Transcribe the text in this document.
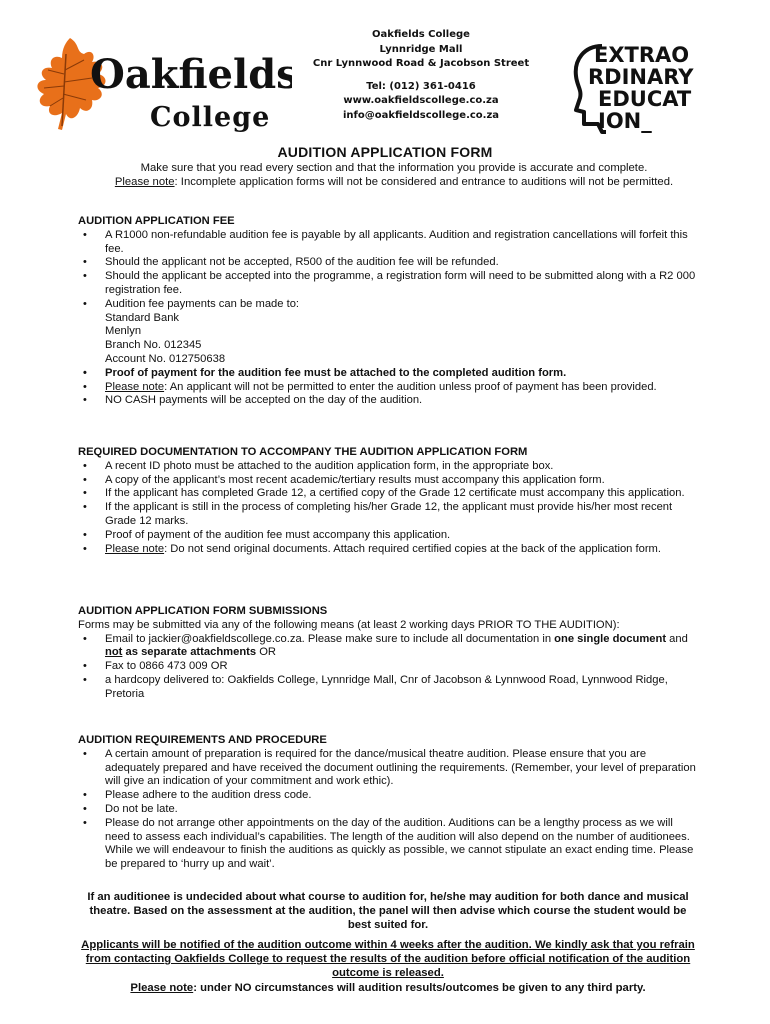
Oakfields
College
Oakfields College
Lynnridge Mall
Cnr Lynnwood Road & Jacobson Street
Tel: (012) 361-0416
www.oakfieldscollege.co.za
info@oakfieldscollege.co.za
EXTRAO
RDINARY
EDUCAT
ION_
AUDITION APPLICATION FORM
Make sure that you read every section and that the information you provide is accurate and complete.
Please note: Incomplete application forms will not be considered and entrance to auditions will not be permitted.
AUDITION APPLICATION FEE
• A R1000 non-refundable audition fee is payable by all applicants. Audition and registration cancellations will forfeit this fee.
• Should the applicant not be accepted, R500 of the audition fee will be refunded.
• Should the applicant be accepted into the programme, a registration form will need to be submitted along with a R2 000 registration fee.
• Audition fee payments can be made to:
Standard Bank
Menlyn
Branch No. 012345
Account No. 012750638
• Proof of payment for the audition fee must be attached to the completed audition form.
• Please note: An applicant will not be permitted to enter the audition unless proof of payment has been provided.
• NO CASH payments will be accepted on the day of the audition.
REQUIRED DOCUMENTATION TO ACCOMPANY THE AUDITION APPLICATION FORM
• A recent ID photo must be attached to the audition application form, in the appropriate box.
• A copy of the applicant’s most recent academic/tertiary results must accompany this application form.
• If the applicant has completed Grade 12, a certified copy of the Grade 12 certificate must accompany this application.
• If the applicant is still in the process of completing his/her Grade 12, the applicant must provide his/her most recent Grade 12 marks.
• Proof of payment of the audition fee must accompany this application.
• Please note: Do not send original documents. Attach required certified copies at the back of the application form.
AUDITION APPLICATION FORM SUBMISSIONS
Forms may be submitted via any of the following means (at least 2 working days PRIOR TO THE AUDITION):
• Email to jackier@oakfieldscollege.co.za. Please make sure to include all documentation in one single document and not as separate attachments OR
• Fax to 0866 473 009 OR
• a hardcopy delivered to: Oakfields College, Lynnridge Mall, Cnr of Jacobson & Lynnwood Road, Lynnwood Ridge, Pretoria
AUDITION REQUIREMENTS AND PROCEDURE
• A certain amount of preparation is required for the dance/musical theatre audition. Please ensure that you are adequately prepared and have received the document outlining the requirements. (Remember, your level of preparation will give an indication of your commitment and work ethic).
• Please adhere to the audition dress code.
• Do not be late.
• Please do not arrange other appointments on the day of the audition. Auditions can be a lengthy process as we will need to assess each individual’s capabilities. The length of the audition will also depend on the number of auditionees. While we will endeavour to finish the auditions as quickly as possible, we cannot stipulate an exact ending time. Please be prepared to ‘hurry up and wait’.
If an auditionee is undecided about what course to audition for, he/she may audition for both dance and musical theatre. Based on the assessment at the audition, the panel will then advise which course the student would be best suited for.
Applicants will be notified of the audition outcome within 4 weeks after the audition. We kindly ask that you refrain from contacting Oakfields College to request the results of the audition before official notification of the audition outcome is released.
Please note: under NO circumstances will audition results/outcomes be given to any third party.
